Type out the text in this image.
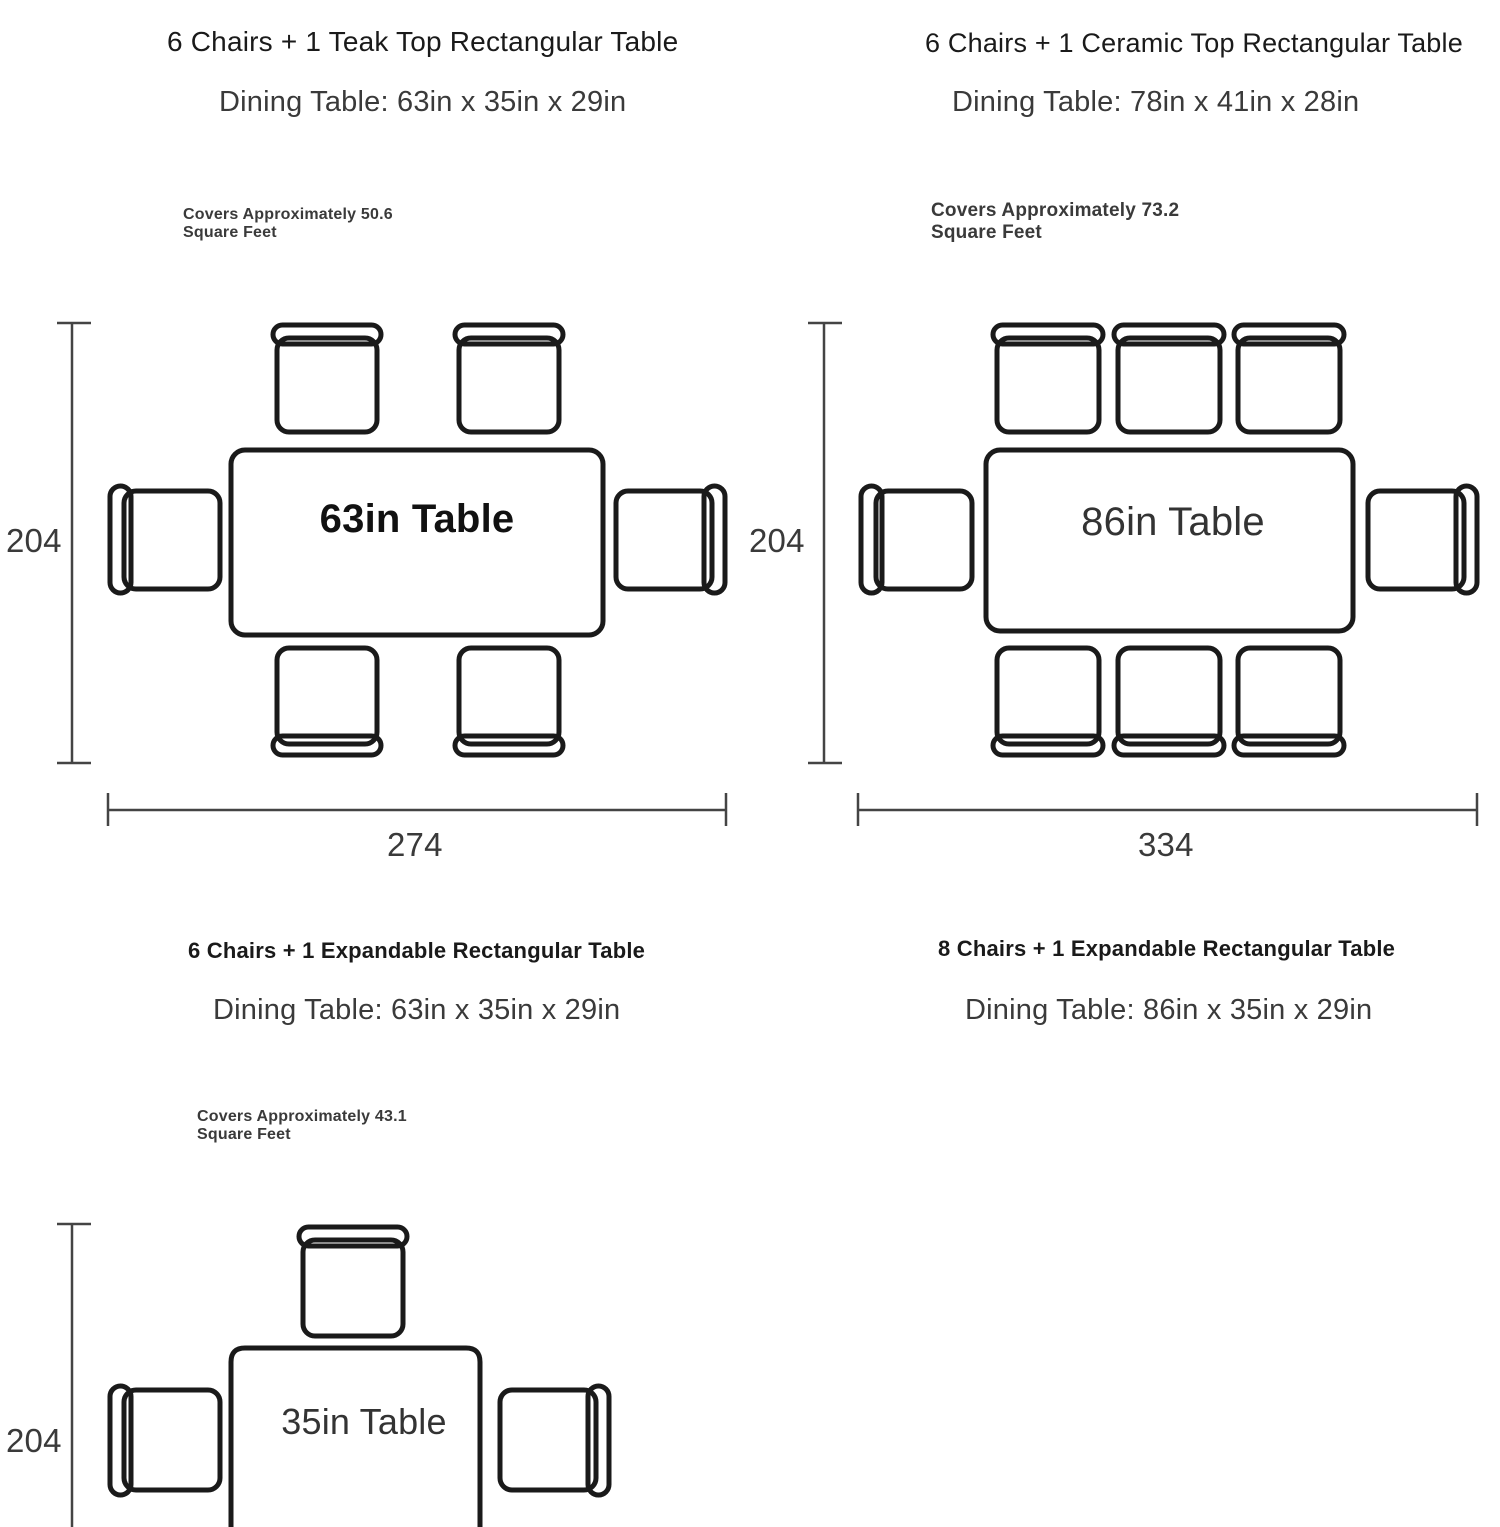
6 Chairs + 1 Teak Top Rectangular Table
Dining Table: 63in x 35in x 29in
Covers Approximately 50.6 Square Feet
6 Chairs + 1 Ceramic Top Rectangular Table
Dining Table: 78in x 41in x 28in
Covers Approximately 73.2 Square Feet
6 Chairs + 1 Expandable Rectangular Table
Dining Table: 63in x 35in x 29in
Covers Approximately 43.1 Square Feet
8 Chairs + 1 Expandable Rectangular Table
Dining Table: 86in x 35in x 29in
204
274
63in Table	204
334
86in Table
204	35in Table
